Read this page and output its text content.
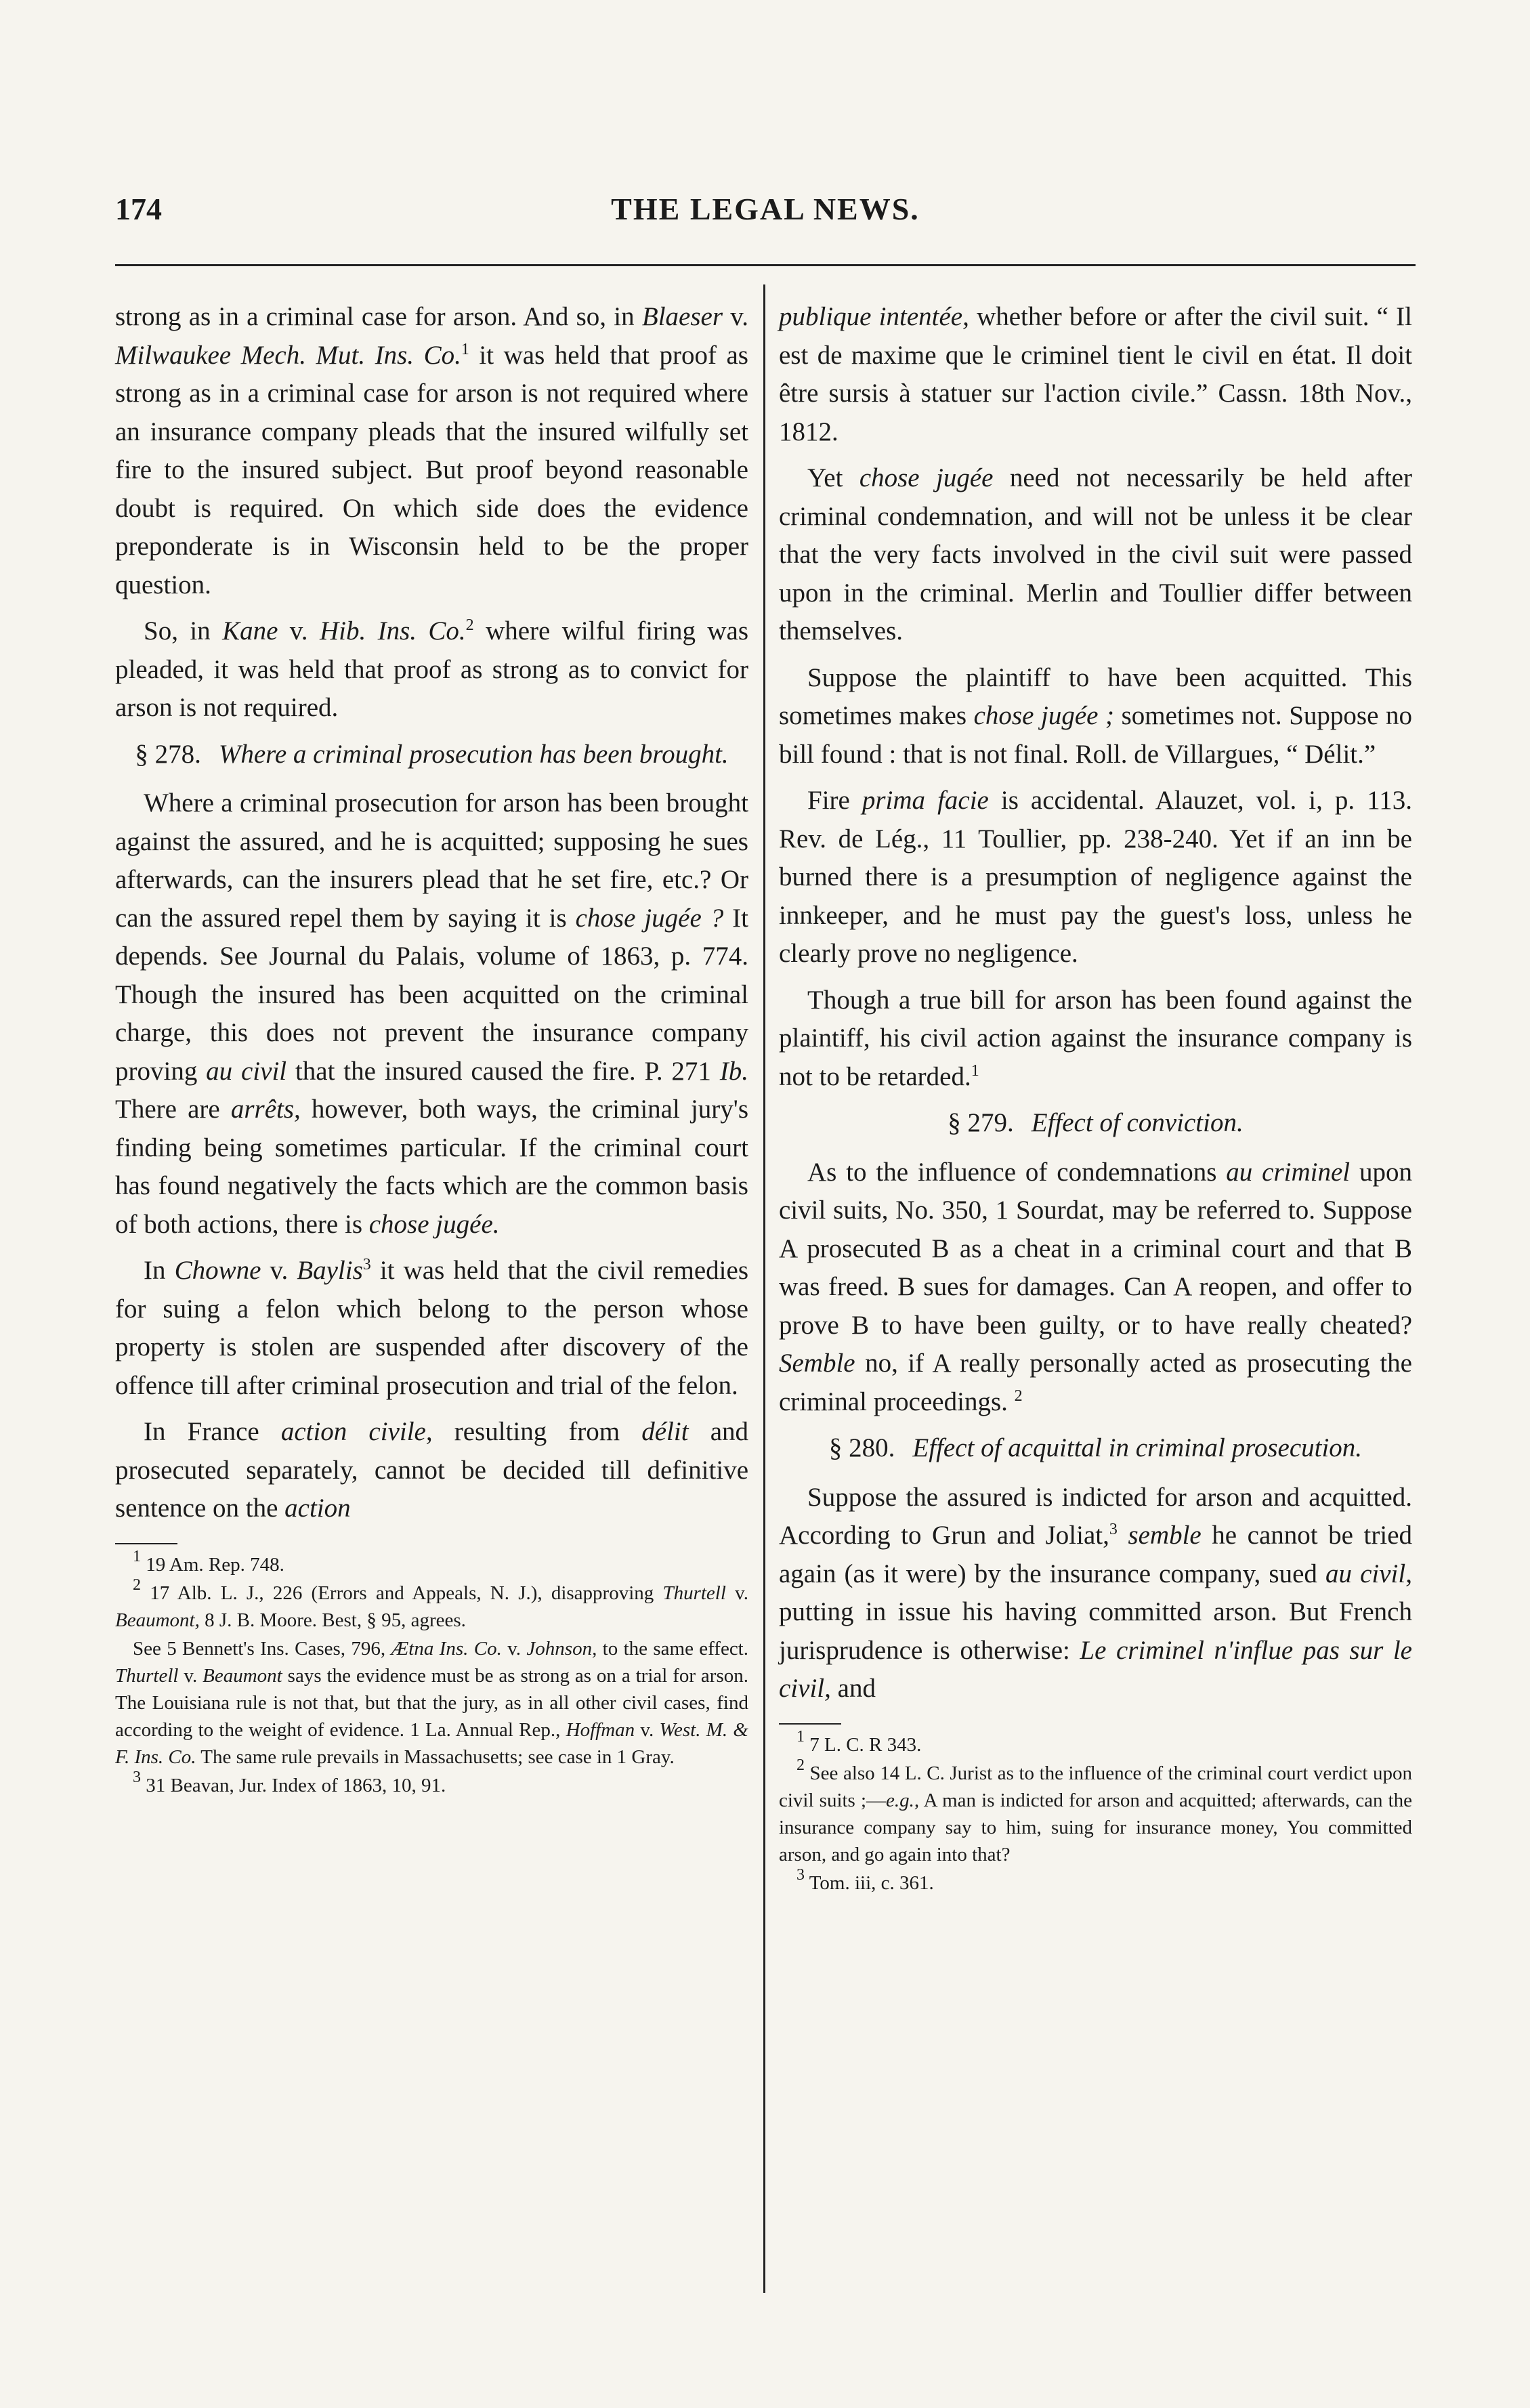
174	THE LEGAL NEWS.

strong as in a criminal case for arson. And so, in Blaeser v. Milwaukee Mech. Mut. Ins. Co.$^1$ it was held that proof as strong as in a criminal case for arson is not required where an insurance company pleads that the insured wilfully set fire to the insured subject. But proof beyond reasonable doubt is required. On which side does the evidence preponderate is in Wisconsin held to be the proper question.

So, in Kane v. Hib. Ins. Co.$^2$ where wilful firing was pleaded, it was held that proof as strong as to convict for arson is not required.

§ 278. Where a criminal prosecution has been brought.

Where a criminal prosecution for arson has been brought against the assured, and he is acquitted; supposing he sues afterwards, can the insurers plead that he set fire, etc.? Or can the assured repel them by saying it is chose jugée ? It depends. See Journal du Palais, volume of 1863, p. 774. Though the insured has been acquitted on the criminal charge, this does not prevent the insurance company proving au civil that the insured caused the fire. P. 271 Ib. There are arrêts, however, both ways, the criminal jury's finding being sometimes particular. If the criminal court has found negatively the facts which are the common basis of both actions, there is chose jugée.

In Chowne v. Baylis$^3$ it was held that the civil remedies for suing a felon which belong to the person whose property is stolen are suspended after discovery of the offence till after criminal prosecution and trial of the felon.

In France action civile, resulting from délit and prosecuted separately, cannot be decided till definitive sentence on the action

$^1$ 19 Am. Rep. 748.

$^2$ 17 Alb. L. J., 226 (Errors and Appeals, N. J.), disapproving Thurtell v. Beaumont, 8 J. B. Moore. Best, § 95, agrees.

See 5 Bennett's Ins. Cases, 796, Ætna Ins. Co. v. Johnson, to the same effect. Thurtell v. Beaumont says the evidence must be as strong as on a trial for arson. The Louisiana rule is not that, but that the jury, as in all other civil cases, find according to the weight of evidence. 1 La. Annual Rep., Hoffman v. West. M. & F. Ins. Co. The same rule prevails in Massachusetts; see case in 1 Gray.

$^3$ 31 Beavan, Jur. Index of 1863, 10, 91.

publique intentée, whether before or after the civil suit. “ Il est de maxime que le criminel tient le civil en état. Il doit être sursis à statuer sur l'action civile.” Cassn. 18th Nov., 1812.

Yet chose jugée need not necessarily be held after criminal condemnation, and will not be unless it be clear that the very facts involved in the civil suit were passed upon in the criminal. Merlin and Toullier differ between themselves.

Suppose the plaintiff to have been acquitted. This sometimes makes chose jugée ; sometimes not. Suppose no bill found : that is not final. Roll. de Villargues, “ Délit.”

Fire prima facie is accidental. Alauzet, vol. i, p. 113. Rev. de Lég., 11 Toullier, pp. 238-240. Yet if an inn be burned there is a presumption of negligence against the innkeeper, and he must pay the guest's loss, unless he clearly prove no negligence.

Though a true bill for arson has been found against the plaintiff, his civil action against the insurance company is not to be retarded.$^1$

§ 279. Effect of conviction.

As to the influence of condemnations au criminel upon civil suits, No. 350, 1 Sourdat, may be referred to. Suppose A prosecuted B as a cheat in a criminal court and that B was freed. B sues for damages. Can A reopen, and offer to prove B to have been guilty, or to have really cheated? Semble no, if A really personally acted as prosecuting the criminal proceedings. $^2$

§ 280. Effect of acquittal in criminal prosecution.

Suppose the assured is indicted for arson and acquitted. According to Grun and Joliat,$^3$ semble he cannot be tried again (as it were) by the insurance company, sued au civil, putting in issue his having committed arson. But French jurisprudence is otherwise: Le criminel n'influe pas sur le civil, and

$^1$ 7 L. C. R 343.

$^2$ See also 14 L. C. Jurist as to the influence of the criminal court verdict upon civil suits ;—e.g., A man is indicted for arson and acquitted; afterwards, can the insurance company say to him, suing for insurance money, You committed arson, and go again into that?

$^3$ Tom. iii, c. 361.
